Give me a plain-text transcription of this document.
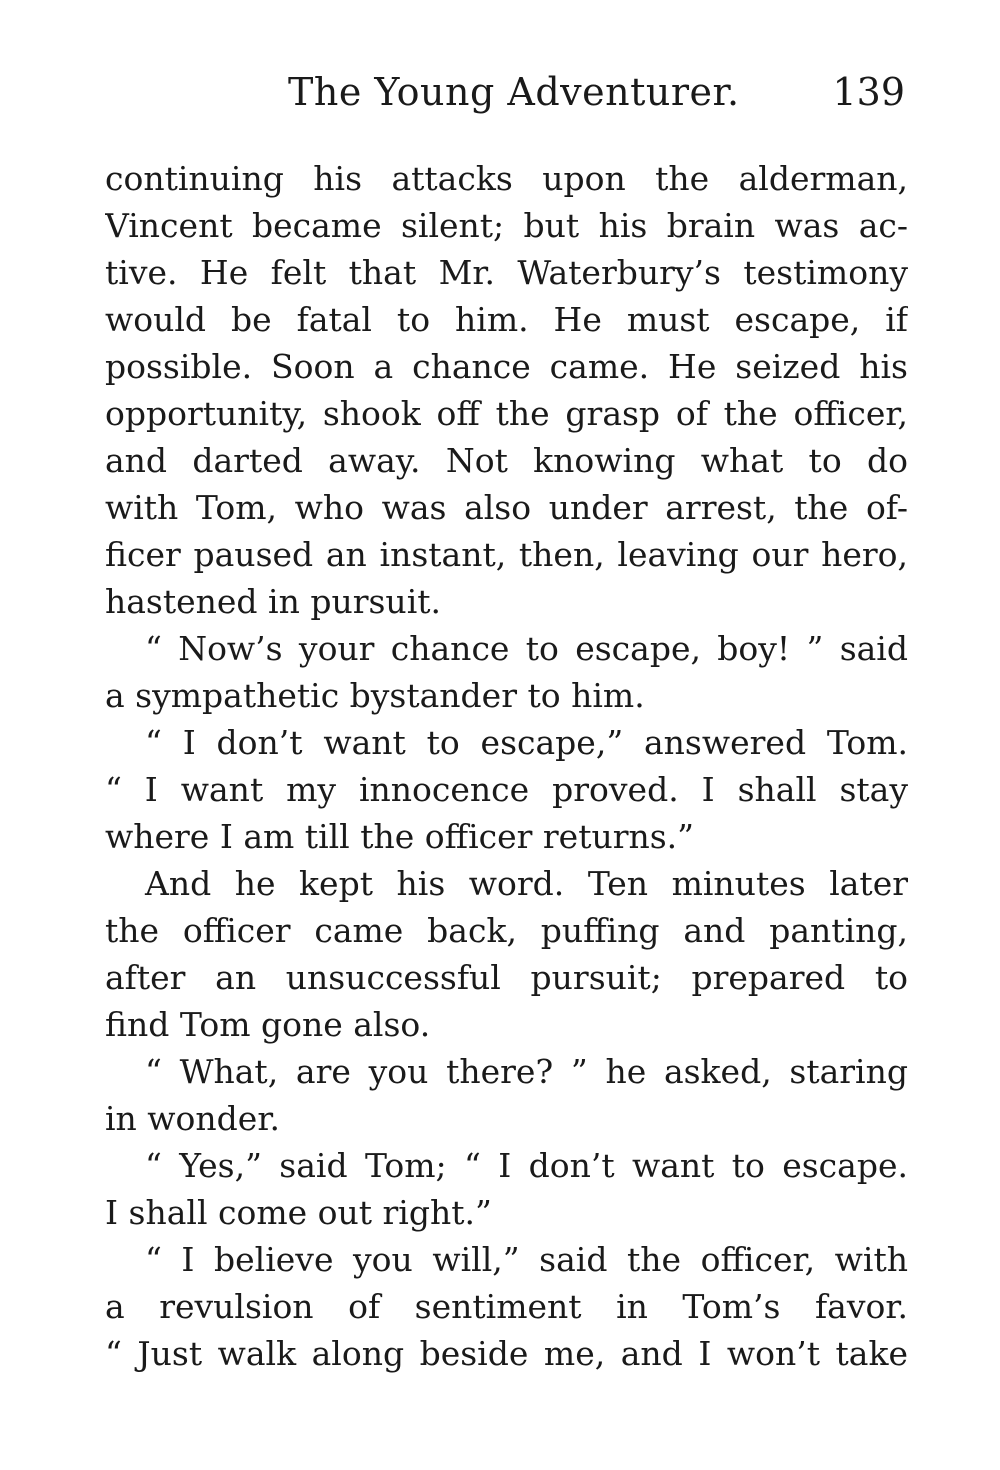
The Young Adventurer. 139
continuing his attacks upon the alderman,
Vincent became silent; but his brain was ac-
tive. He felt that Mr. Waterbury’s testimony
would be fatal to him. He must escape, if
possible. Soon a chance came. He seized his
opportunity, shook off the grasp of the officer,
and darted away. Not knowing what to do
with Tom, who was also under arrest, the of-
ficer paused an instant, then, leaving our hero,
hastened in pursuit.
“ Now’s your chance to escape, boy! ” said
a sympathetic bystander to him.
“ I don’t want to escape,” answered Tom.
“ I want my innocence proved. I shall stay
where I am till the officer returns.”
And he kept his word. Ten minutes later
the officer came back, puffing and panting,
after an unsuccessful pursuit; prepared to
find Tom gone also.
“ What, are you there? ” he asked, staring
in wonder.
“ Yes,” said Tom; “ I don’t want to escape.
I shall come out right.”
“ I believe you will,” said the officer, with
a revulsion of sentiment in Tom’s favor.
“ Just walk along beside me, and I won’t take
